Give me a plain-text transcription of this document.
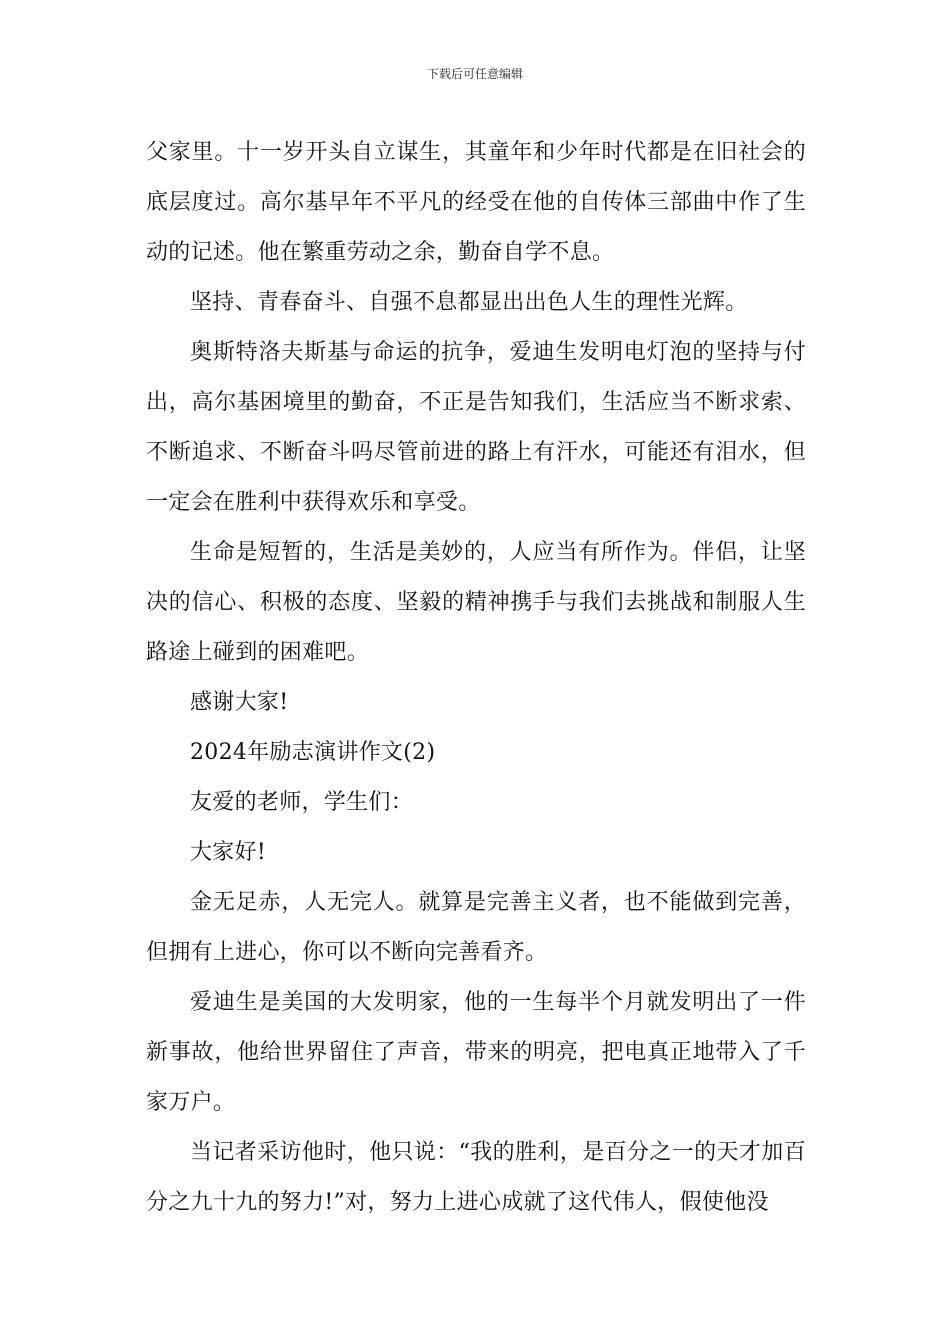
下载后可任意编辑

父家里。十一岁开头自立谋生，其童年和少年时代都是在旧社会的底层度过。高尔基早年不平凡的经受在他的自传体三部曲中作了生动的记述。他在繁重劳动之余，勤奋自学不息。

坚持、青春奋斗、自强不息都显出出色人生的理性光辉。

奥斯特洛夫斯基与命运的抗争，爱迪生发明电灯泡的坚持与付出，高尔基困境里的勤奋，不正是告知我们，生活应当不断求索、不断追求、不断奋斗吗尽管前进的路上有汗水，可能还有泪水，但一定会在胜利中获得欢乐和享受。

生命是短暂的，生活是美妙的，人应当有所作为。伴侣，让坚决的信心、积极的态度、坚毅的精神携手与我们去挑战和制服人生路途上碰到的困难吧。

感谢大家!

2024年励志演讲作文(2)

友爱的老师，学生们：

大家好!

金无足赤，人无完人。就算是完善主义者，也不能做到完善，但拥有上进心，你可以不断向完善看齐。

爱迪生是美国的大发明家，他的一生每半个月就发明出了一件新事故，他给世界留住了声音，带来的明亮，把电真正地带入了千家万户。

当记者采访他时，他只说：“我的胜利，是百分之一的天才加百分之九十九的努力!”对，努力上进心成就了这代伟人，假使他没
